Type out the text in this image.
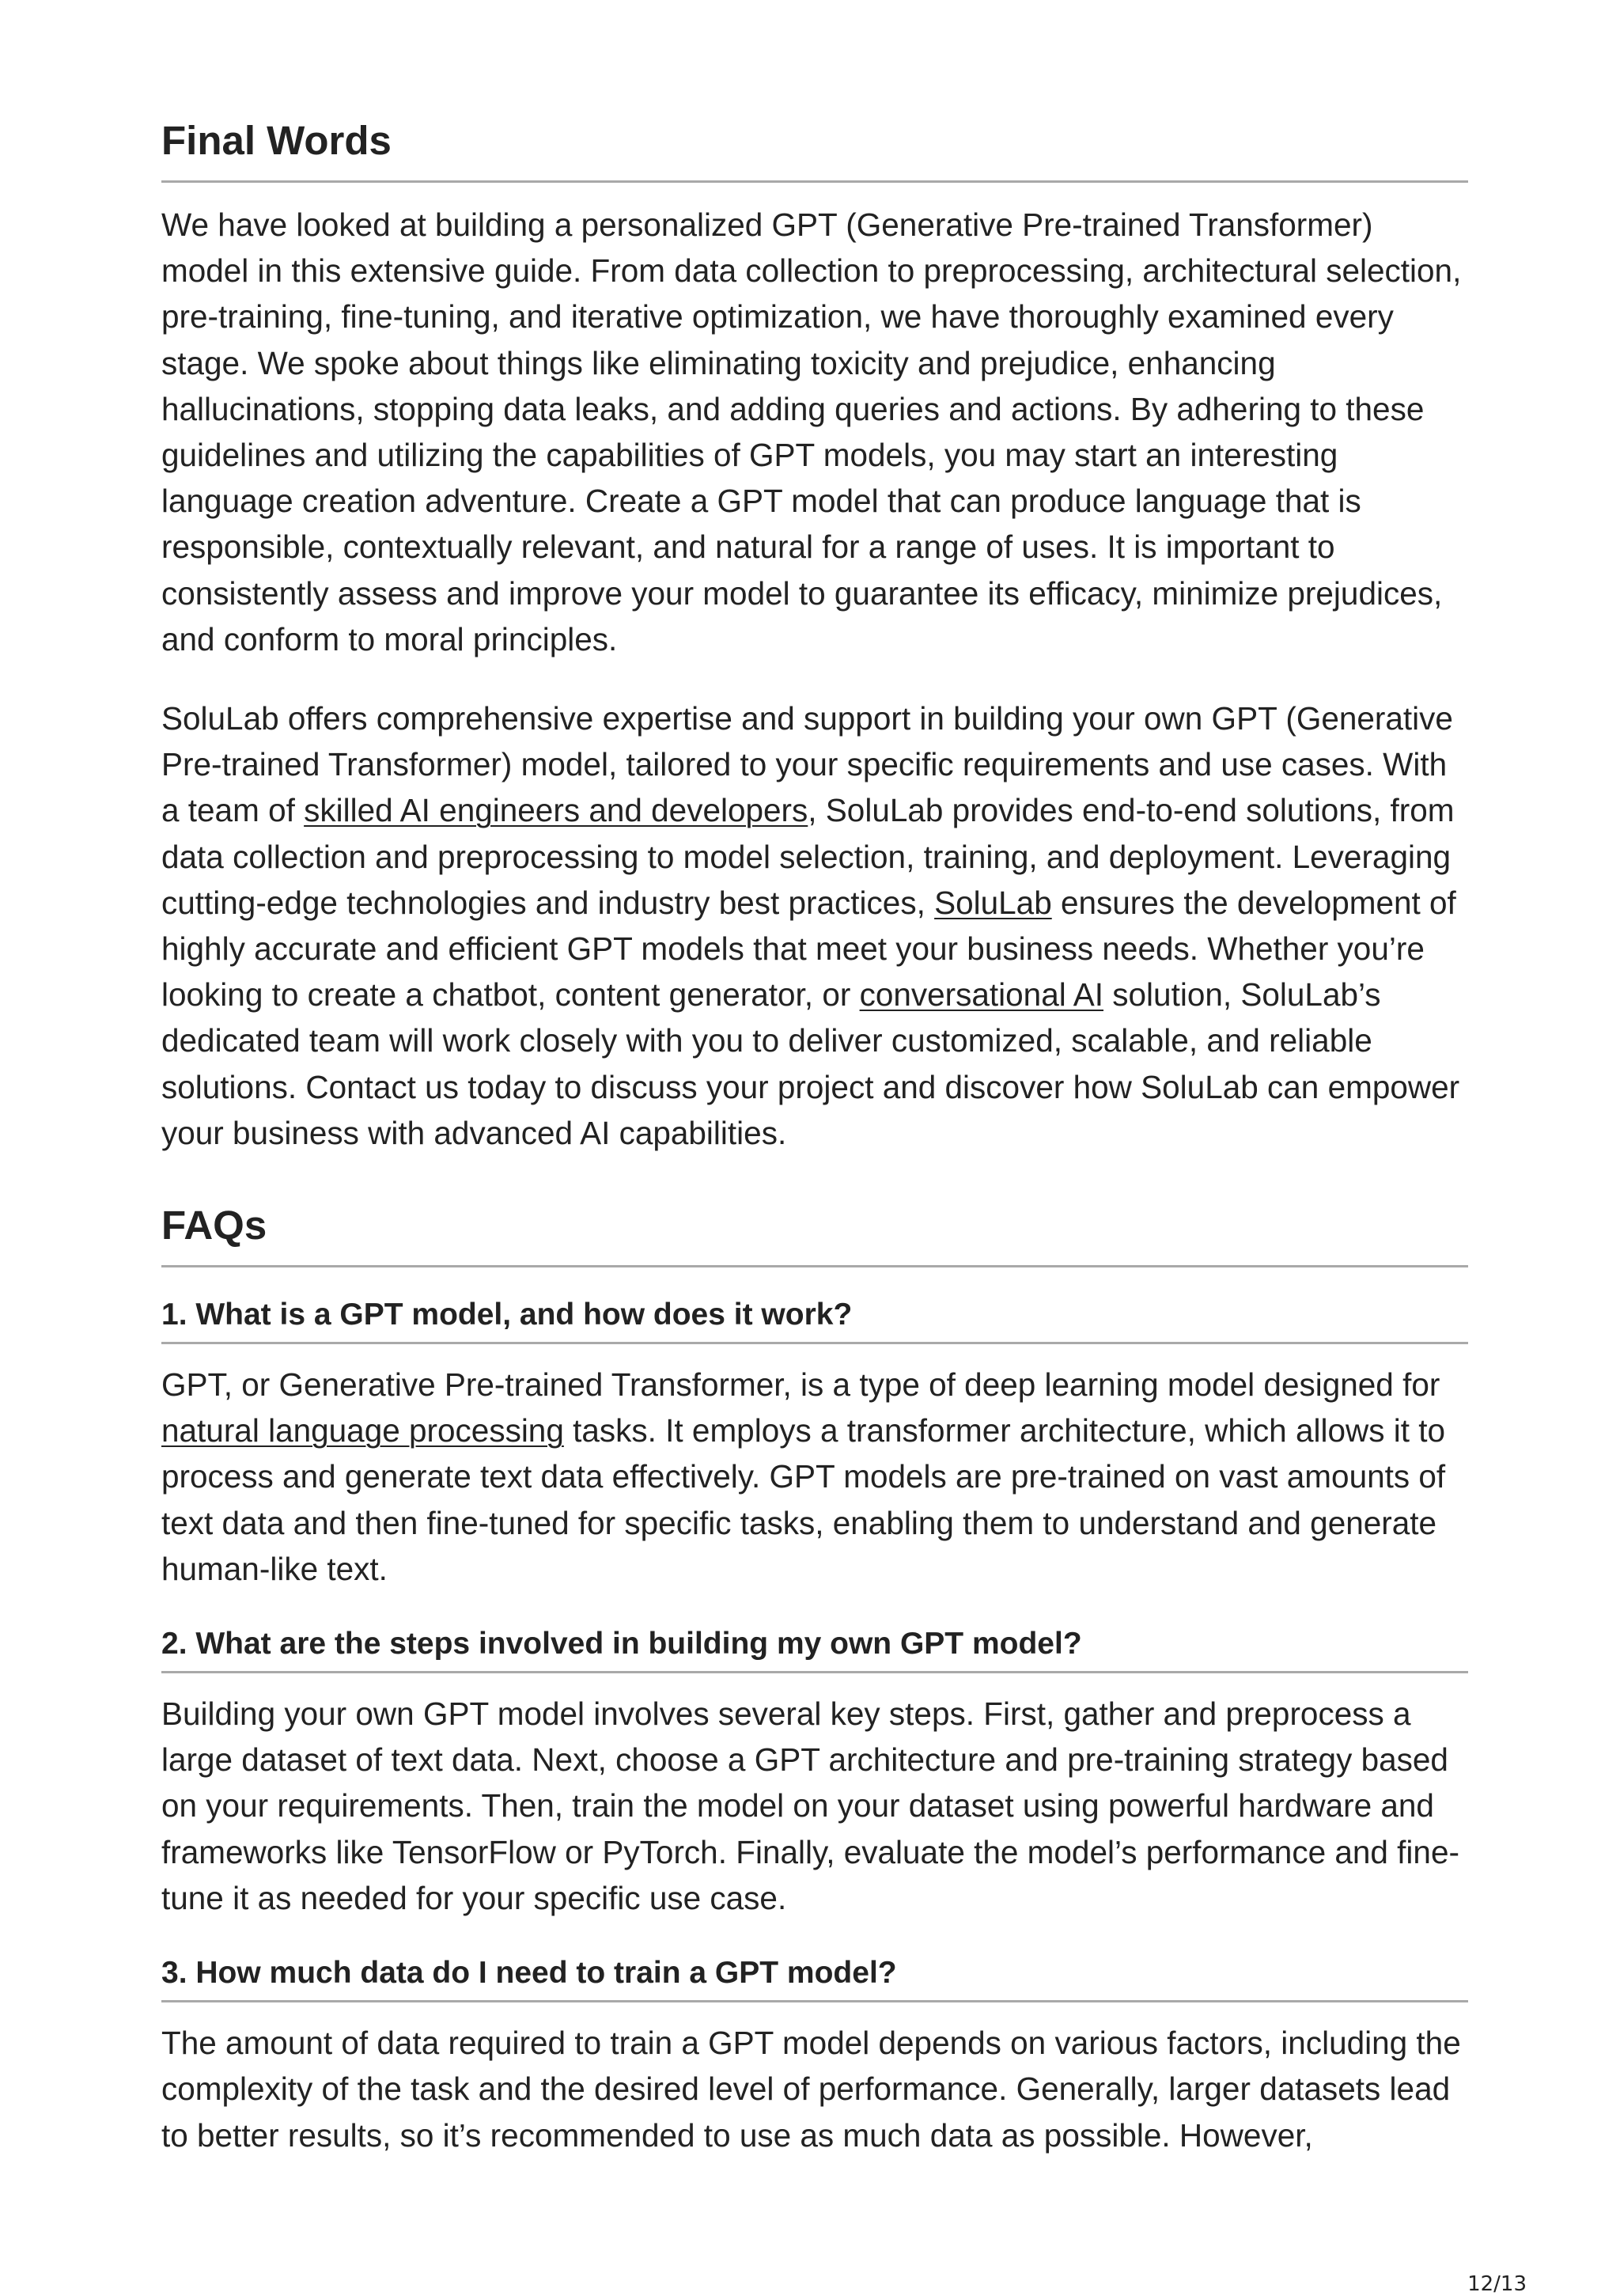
Final Words

We have looked at building a personalized GPT (Generative Pre-trained Transformer) model in this extensive guide. From data collection to preprocessing, architectural selection, pre-training, fine-tuning, and iterative optimization, we have thoroughly examined every stage. We spoke about things like eliminating toxicity and prejudice, enhancing hallucinations, stopping data leaks, and adding queries and actions. By adhering to these guidelines and utilizing the capabilities of GPT models, you may start an interesting language creation adventure. Create a GPT model that can produce language that is responsible, contextually relevant, and natural for a range of uses. It is important to consistently assess and improve your model to guarantee its efficacy, minimize prejudices, and conform to moral principles.

SoluLab offers comprehensive expertise and support in building your own GPT (Generative Pre-trained Transformer) model, tailored to your specific requirements and use cases. With a team of skilled AI engineers and developers, SoluLab provides end-to-end solutions, from data collection and preprocessing to model selection, training, and deployment. Leveraging cutting-edge technologies and industry best practices, SoluLab ensures the development of highly accurate and efficient GPT models that meet your business needs. Whether you’re looking to create a chatbot, content generator, or conversational AI solution, SoluLab’s dedicated team will work closely with you to deliver customized, scalable, and reliable solutions. Contact us today to discuss your project and discover how SoluLab can empower your business with advanced AI capabilities.

FAQs
1. What is a GPT model, and how does it work?

GPT, or Generative Pre-trained Transformer, is a type of deep learning model designed for natural language processing tasks. It employs a transformer architecture, which allows it to process and generate text data effectively. GPT models are pre-trained on vast amounts of text data and then fine-tuned for specific tasks, enabling them to understand and generate human-like text.

2. What are the steps involved in building my own GPT model?

Building your own GPT model involves several key steps. First, gather and preprocess a large dataset of text data. Next, choose a GPT architecture and pre-training strategy based on your requirements. Then, train the model on your dataset using powerful hardware and frameworks like TensorFlow or PyTorch. Finally, evaluate the model’s performance and fine-tune it as needed for your specific use case.

3. How much data do I need to train a GPT model?

The amount of data required to train a GPT model depends on various factors, including the complexity of the task and the desired level of performance. Generally, larger datasets lead to better results, so it’s recommended to use as much data as possible. However,

12/13
